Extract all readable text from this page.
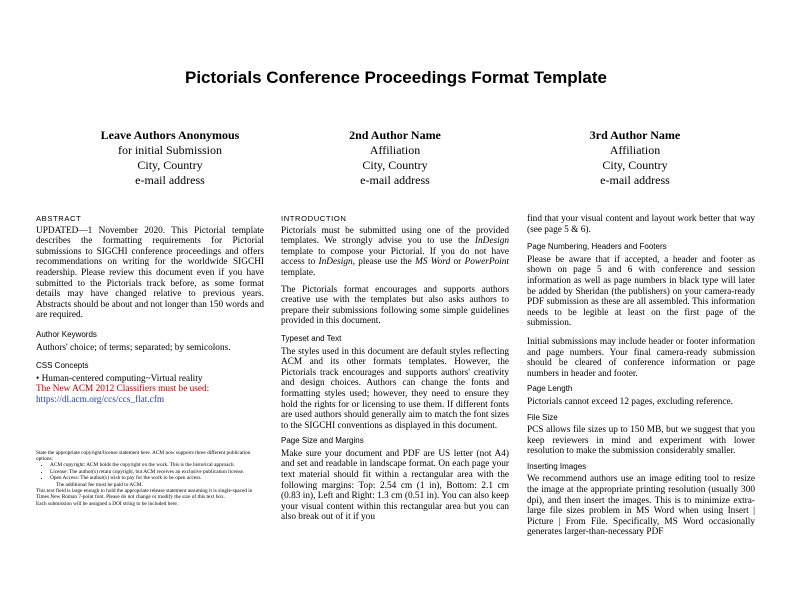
Pictorials Conference Proceedings Format Template
Leave Authors Anonymous
for initial Submission
City, Country
e-mail address
2nd Author Name
Affiliation
City, Country
e-mail address
3rd Author Name
Affiliation
City, Country
e-mail address
ABSTRACT

UPDATED—1 November 2020. This Pictorial template describes the formatting requirements for Pictorial submissions to SIGCHI conference proceedings and offers recommendations on writing for the worldwide SIGCHI readership. Please review this document even if you have submitted to the Pictorials track before, as some format details may have changed relative to previous years. Abstracts should be about and not longer than 150 words and are required.

Author Keywords

Authors' choice; of terms; separated; by semicolons.

CSS Concepts

• Human-centered computing~Virtual reality

The New ACM 2012 Classifiers must be used:

https://dl.acm.org/ccs/ccs_flat.cfm

State the appropriate copyright/license statement here. ACM now supports three different publication options:
• ACM copyright: ACM holds the copyright on the work. This is the historical approach.
• License: The author(s) retain copyright, but ACM receives an exclusive publication license.
• Open Access: The author(s) wish to pay for the work to be open access.
The additional fee must be paid to ACM.
This text field is large enough to hold the appropriate release statement assuming it is single-spaced in Times New Roman 7-point font. Please do not change or modify the size of this text box.
Each submission will be assigned a DOI string to be included here.
INTRODUCTION

Pictorials must be submitted using one of the provided templates. We strongly advise you to use the InDesign template to compose your Pictorial. If you do not have access to InDesign, please use the MS Word or PowerPoint template.

The Pictorials format encourages and supports authors creative use with the templates but also asks authors to prepare their submissions following some simple guidelines provided in this document.

Typeset and Text

The styles used in this document are default styles reflecting ACM and its other formats templates. However, the Pictorials track encourages and supports authors' creativity and design choices. Authors can change the fonts and formatting styles used; however, they need to ensure they hold the rights for or licensing to use them. If different fonts are used authors should generally aim to match the font sizes to the SIGCHI conventions as displayed in this document.

Page Size and Margins

Make sure your document and PDF are US letter (not A4) and set and readable in landscape format. On each page your text material should fit within a rectangular area with the following margins: Top: 2.54 cm (1 in), Bottom: 2.1 cm (0.83 in), Left and Right: 1.3 cm (0.51 in). You can also keep your visual content within this rectangular area but you can also break out of it if you

find that your visual content and layout work better that way (see page 5 & 6).

Page Numbering, Headers and Footers

Please be aware that if accepted, a header and footer as shown on page 5 and 6 with conference and session information as well as page numbers in black type will later be added by Sheridan (the publishers) on your camera-ready PDF submission as these are all assembled. This information needs to be legible at least on the first page of the submission.

Initial submissions may include header or footer information and page numbers. Your final camera-ready submission should be cleared of conference information or page numbers in header and footer.

Page Length

Pictorials cannot exceed 12 pages, excluding reference.

File Size

PCS allows file sizes up to 150 MB, but we suggest that you keep reviewers in mind and experiment with lower resolution to make the submission considerably smaller.

Inserting Images

We recommend authors use an image editing tool to resize the image at the appropriate printing resolution (usually 300 dpi), and then insert the images. This is to minimize extra-large file sizes problem in MS Word when using Insert | Picture | From File. Specifically, MS Word occasionally generates larger-than-necessary PDF
